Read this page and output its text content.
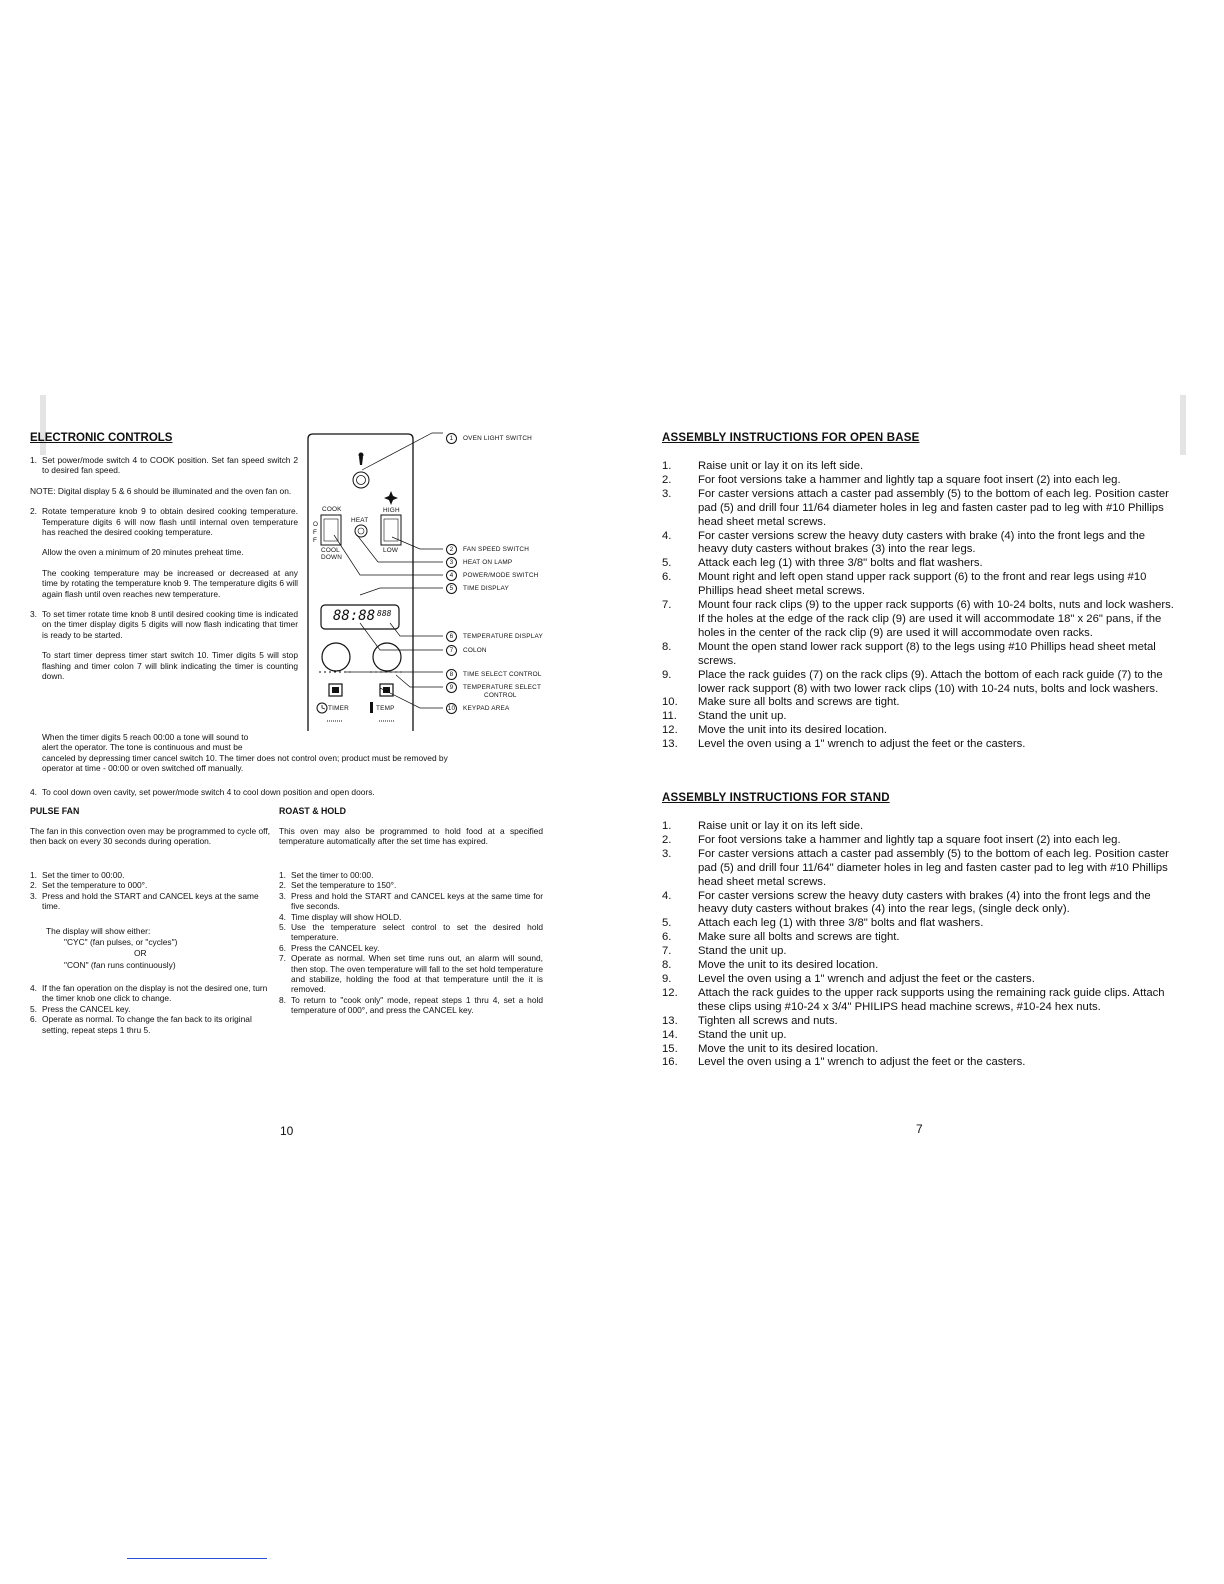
ELECTRONIC CONTROLS
1. Set power/mode switch 4 to COOK position. Set fan speed switch 2 to desired fan speed.
NOTE: Digital display 5 & 6 should be illuminated and the oven fan on.
2. Rotate temperature knob 9 to obtain desired cooking temperature. Temperature digits 6 will now flash until internal oven temperature has reached the desired cooking temperature.
Allow the oven a minimum of 20 minutes preheat time.
The cooking temperature may be increased or decreased at any time by rotating the temperature knob 9. The temperature digits 6 will again flash until oven reaches new temperature.
3. To set timer rotate time knob 8 until desired cooking time is indicated on the timer display digits 5 digits will now flash indicating that timer is ready to be started.
To start timer depress timer start switch 10. Timer digits 5 will stop flashing and timer colon 7 will blink indicating the timer is counting down.
When the timer digits 5 reach 00:00 a tone will sound to
alert the operator. The tone is continuous and must be
canceled by depressing timer cancel switch 10. The timer does not control oven; product must be removed by
operator at time - 00:00 or oven switched off manually.
4. To cool down oven cavity, set power/mode switch 4 to cool down position and open doors.
PULSE FAN
The fan in this convection oven may be programmed to cycle off, then back on every 30 seconds during operation.
1. Set the timer to 00:00.
2. Set the temperature to 000°.
3. Press and hold the START and CANCEL keys at the same time.
The display will show either:
"CYC" (fan pulses, or "cycles")
OR
"CON" (fan runs continuously)
4. If the fan operation on the display is not the desired one, turn the timer knob one click to change.
5. Press the CANCEL key.
6. Operate as normal. To change the fan back to its original setting, repeat steps 1 thru 5.
ROAST & HOLD
This oven may also be programmed to hold food at a specified temperature automatically after the set time has expired.
1. Set the timer to 00:00.
2. Set the temperature to 150°.
3. Press and hold the START and CANCEL keys at the same time for five seconds.
4. Time display will show HOLD.
5. Use the temperature select control to set the desired hold temperature.
6. Press the CANCEL key.
7. Operate as normal. When set time runs out, an alarm will sound, then stop. The oven temperature will fall to the set hold temperature and stabilize, holding the food at that temperature until the it is removed.
8. To return to "cook only" mode, repeat steps 1 thru 4, set a hold temperature of 000°, and press the CANCEL key.
10
COOK
O
F
F
COOL DOWN
HEAT
HIGH
LOW
88:88 888
TIMER	TEMP
1 OVEN LIGHT SWITCH
2 FAN SPEED SWITCH
3 HEAT ON LAMP
4 POWER/MODE SWITCH
5 TIME DISPLAY
6 TEMPERATURE DISPLAY
7 COLON
8 TIME SELECT CONTROL
9 TEMPERATURE SELECT
10 KEYPAD AREA
CONTROL
ASSEMBLY INSTRUCTIONS FOR OPEN BASE
1. Raise unit or lay it on its left side.
2. For foot versions take a hammer and lightly tap a square foot insert (2) into each leg.
3. For caster versions attach a caster pad assembly (5) to the bottom of each leg. Position caster pad (5) and drill four 11/64 diameter holes in leg and fasten caster pad to leg with #10 Phillips head sheet metal screws.
4. For caster versions screw the heavy duty casters with brake (4) into the front legs and the heavy duty casters without brakes (3) into the rear legs.
5. Attack each leg (1) with three 3/8" bolts and flat washers.
6. Mount right and left open stand upper rack support (6) to the front and rear legs using #10 Phillips head sheet metal screws.
7. Mount four rack clips (9) to the upper rack supports (6) with 10-24 bolts, nuts and lock washers. If the holes at the edge of the rack clip (9) are used it will accommodate 18" x 26" pans, if the holes in the center of the rack clip (9) are used it will accommodate oven racks.
8. Mount the open stand lower rack support (8) to the legs using #10 Phillips head sheet metal screws.
9. Place the rack guides (7) on the rack clips (9). Attach the bottom of each rack guide (7) to the lower rack support (8) with two lower rack clips (10) with 10-24 nuts, bolts and lock washers.
10. Make sure all bolts and screws are tight.
11. Stand the unit up.
12. Move the unit into its desired location.
13. Level the oven using a 1" wrench to adjust the feet or the casters.
ASSEMBLY INSTRUCTIONS FOR STAND
1. Raise unit or lay it on its left side.
2. For foot versions take a hammer and lightly tap a square foot insert (2) into each leg.
3. For caster versions attach a caster pad assembly (5) to the bottom of each leg. Position caster pad (5) and drill four 11/64" diameter holes in leg and fasten caster pad to leg with #10 Phillips head sheet metal screws.
4. For caster versions screw the heavy duty casters with brakes (4) into the front legs and the heavy duty casters without brakes (4) into the rear legs, (single deck only).
5. Attach each leg (1) with three 3/8" bolts and flat washers.
6. Make sure all bolts and screws are tight.
7. Stand the unit up.
8. Move the unit to its desired location.
9. Level the oven using a 1" wrench and adjust the feet or the casters.
12. Attach the rack guides to the upper rack supports using the remaining rack guide clips. Attach these clips using #10-24 x 3/4" PHILIPS head machine screws, #10-24 hex nuts.
13. Tighten all screws and nuts.
14. Stand the unit up.
15. Move the unit to its desired location.
16. Level the oven using a 1" wrench to adjust the feet or the casters.
7
